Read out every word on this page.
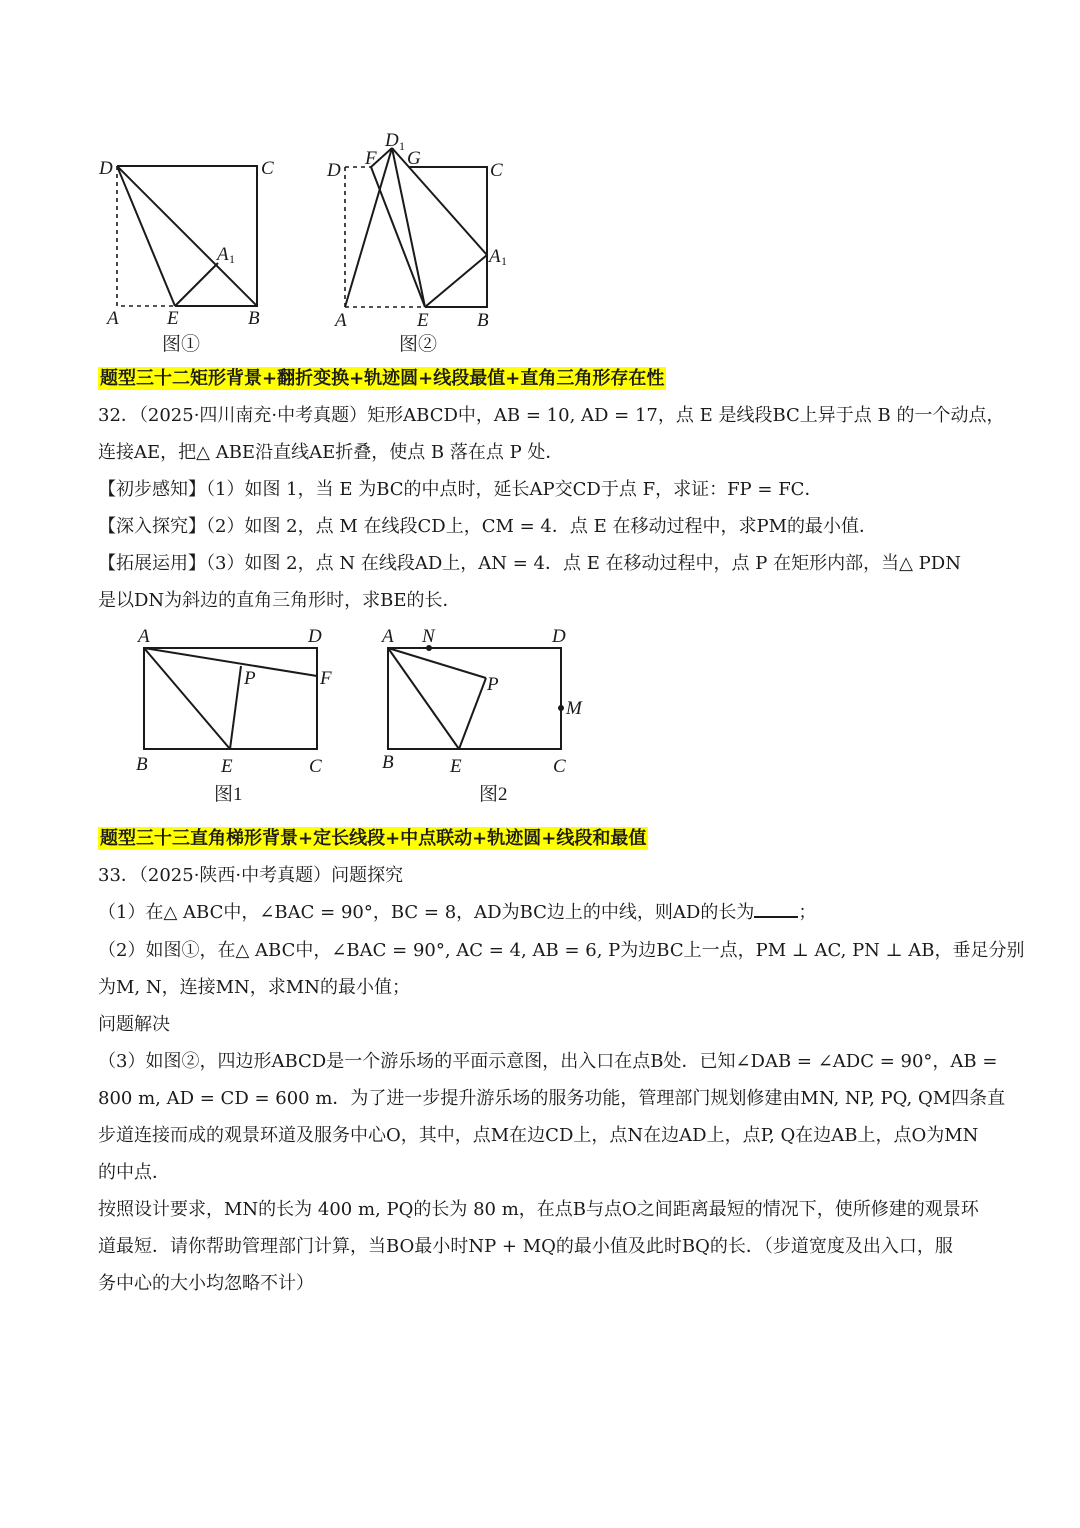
D	C
A 1
A	E	B
图①
D 1
F G
D	C
A 1
A	E	B
图②
题型三十二矩形背景+翻折变换+轨迹圆+线段最值+直角三角形存在性
32．（2025·四川南充·中考真题）矩形ABCD中，AB = 10, AD = 17，点 E 是线段BC上异于点 B 的一个动点，
连接AE，把△ ABE沿直线AE折叠，使点 B 落在点 P 处．
【初步感知】（1）如图 1，当 E 为BC的中点时，延长AP交CD于点 F，求证：FP = FC．
【深入探究】（2）如图 2，点 M 在线段CD上，CM = 4．点 E 在移动过程中，求PM的最小值．
【拓展运用】（3）如图 2，点 N 在线段AD上，AN = 4．点 E 在移动过程中，点 P 在矩形内部，当△ PDN
是以DN为斜边的直角三角形时，求BE的长．
A	D
P	F
B	E	C
图1
A N	D
P
M
B	E	C
图2
题型三十三直角梯形背景+定长线段+中点联动+轨迹圆+线段和最值
33．（2025·陕西·中考真题）问题探究
（1）在△ ABC中，∠BAC = 90°，BC = 8，AD为BC边上的中线，则AD的长为 ；
（2）如图①，在△ ABC中，∠BAC = 90°, AC = 4, AB = 6, P为边BC上一点，PM ⊥ AC, PN ⊥ AB，垂足分别
为M, N，连接MN，求MN的最小值；
问题解决
（3）如图②，四边形ABCD是一个游乐场的平面示意图，出入口在点B处．已知∠DAB = ∠ADC = 90°，AB =
800 m, AD = CD = 600 m．为了进一步提升游乐场的服务功能，管理部门规划修建由MN, NP, PQ, QM四条直
步道连接而成的观景环道及服务中心O，其中，点M在边CD上，点N在边AD上，点P, Q在边AB上，点O为MN
的中点．
按照设计要求，MN的长为 400 m, PQ的长为 80 m，在点B与点O之间距离最短的情况下，使所修建的观景环
道最短．请你帮助管理部门计算，当BO最小时NP + MQ的最小值及此时BQ的长．（步道宽度及出入口，服
务中心的大小均忽略不计）
